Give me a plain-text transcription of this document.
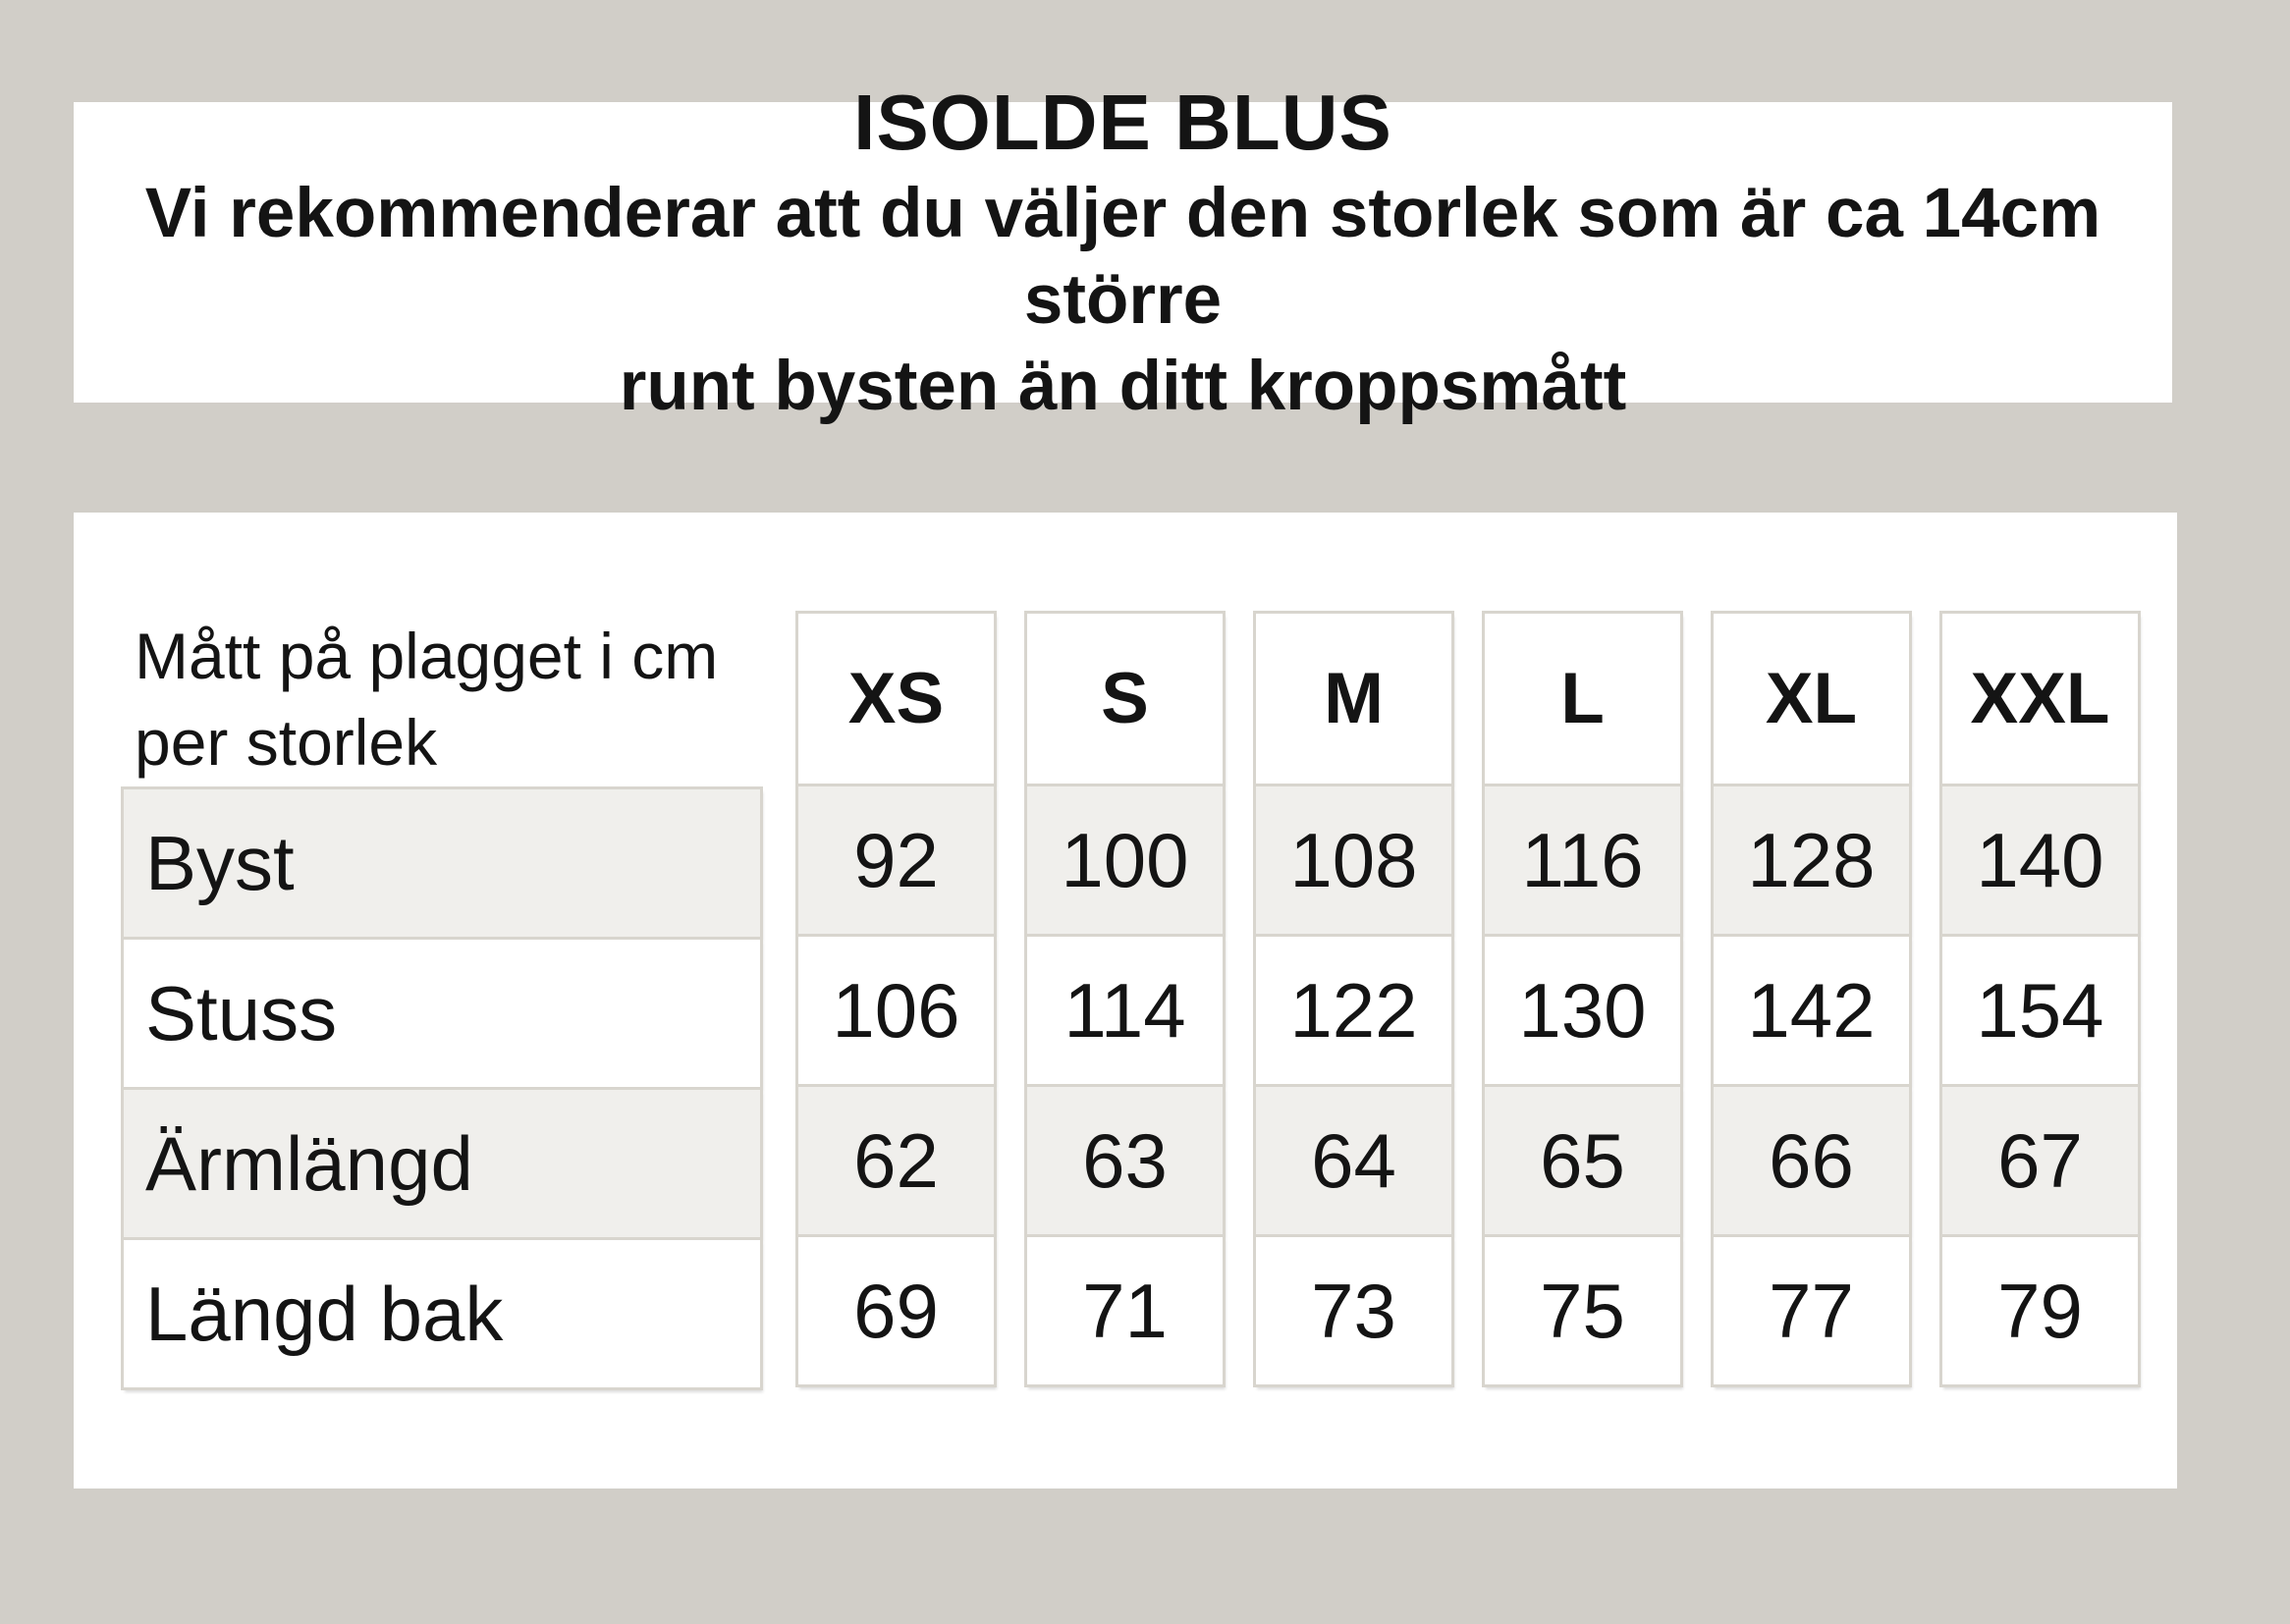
ISOLDE BLUS
Vi rekommenderar att du väljer den storlek som är ca 14cm större
runt bysten än ditt kroppsmått
Mått på plagget i cm
per storlek
Byst
Stuss
Ärmlängd
Längd bak
XS
92
106
62
69
S
100
114
63
71
M
108
122
64
73
L
116
130
65
75
XL
128
142
66
77
XXL
140
154
67
79
